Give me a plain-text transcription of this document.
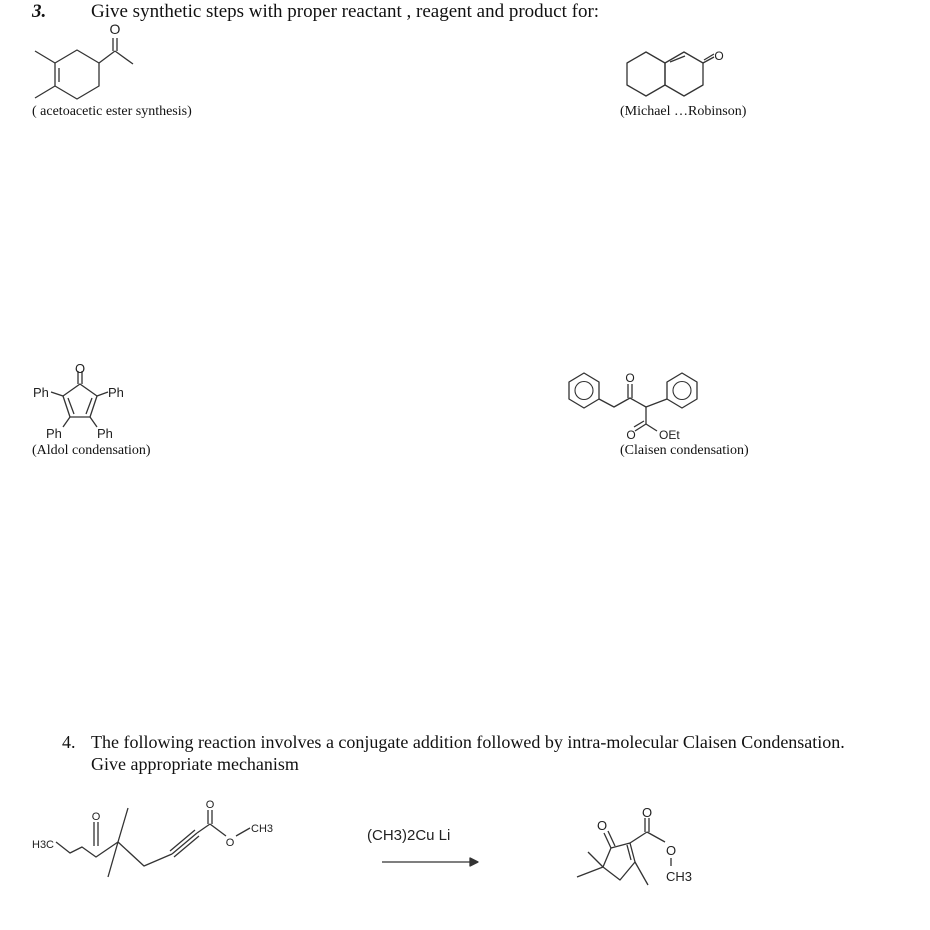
3. Give synthetic steps with proper reactant , reagent and product for:
( acetoacetic ester synthesis)	(Michael …Robinson)
(Aldol condensation)	(Claisen condensation)
4. The following reaction involves a conjugate addition followed by intra-molecular Claisen Condensation.
Give appropriate mechanism
O
O
O
Ph	Ph
Ph	Ph
O
O OEt
H3C
O
O
O
CH3	(CH3)2Cu Li
O
O
O
CH3
